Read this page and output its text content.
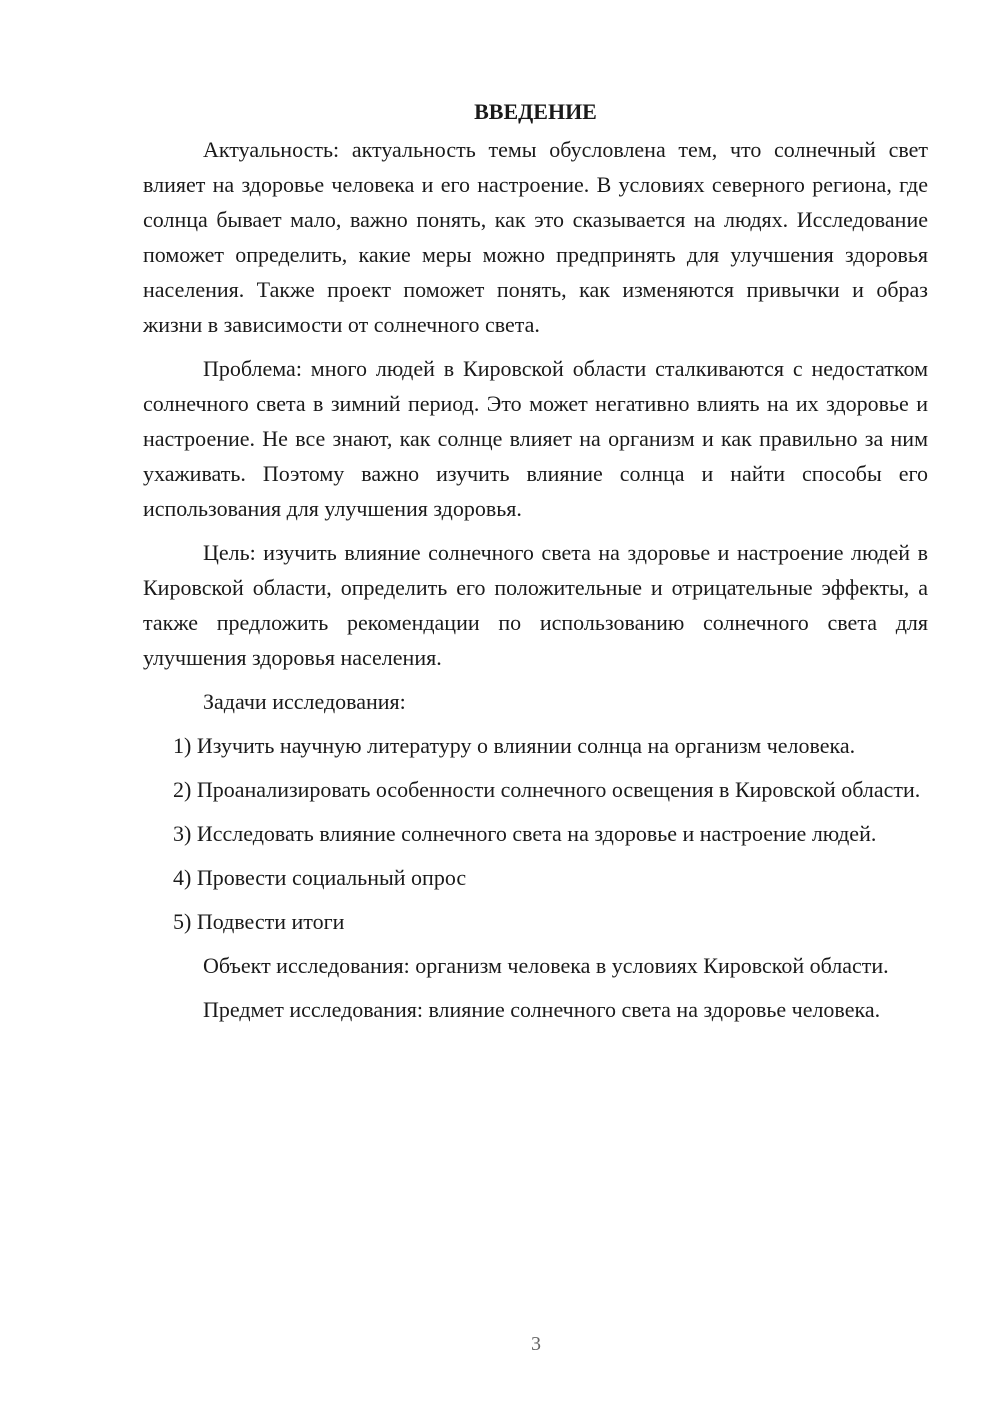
ВВЕДЕНИЕ

Актуальность: актуальность темы обусловлена тем, что солнечный свет влияет на здоровье человека и его настроение. В условиях северного региона, где солнца бывает мало, важно понять, как это сказывается на людях. Исследование поможет определить, какие меры можно предпринять для улучшения здоровья населения. Также проект поможет понять, как изменяются привычки и образ жизни в зависимости от солнечного света.

Проблема: много людей в Кировской области сталкиваются с недостатком солнечного света в зимний период. Это может негативно влиять на их здоровье и настроение. Не все знают, как солнце влияет на организм и как правильно за ним ухаживать. Поэтому важно изучить влияние солнца и найти способы его использования для улучшения здоровья.

Цель: изучить влияние солнечного света на здоровье и настроение людей в Кировской области, определить его положительные и отрицательные эффекты, а также предложить рекомендации по использованию солнечного света для улучшения здоровья населения.

Задачи исследования:

1) Изучить научную литературу о влиянии солнца на организм человека.

2) Проанализировать особенности солнечного освещения в Кировской области.

3) Исследовать влияние солнечного света на здоровье и настроение людей.

4) Провести социальный опрос

5) Подвести итоги

Объект исследования: организм человека в условиях Кировской области.

Предмет исследования: влияние солнечного света на здоровье человека.

3
